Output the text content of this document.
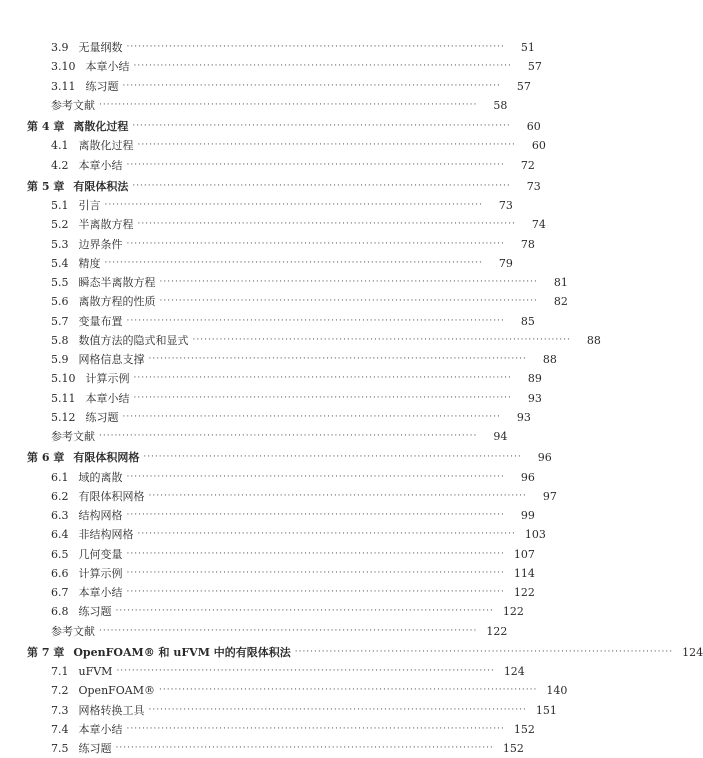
3.9 无量纲数 ··································································································	51
3.10 本章小结 ··································································································	57
3.11 练习题 ··································································································	57
参考文献 ··································································································	58
第 4 章 离散化过程 ··································································································	60
4.1 离散化过程 ··································································································	60
4.2 本章小结 ··································································································	72
第 5 章 有限体积法 ··································································································	73
5.1 引言 ··································································································	73
5.2 半离散方程 ··································································································	74
5.3 边界条件 ··································································································	78
5.4 精度 ··································································································	79
5.5 瞬态半离散方程 ··································································································	81
5.6 离散方程的性质 ··································································································	82
5.7 变量布置 ··································································································	85
5.8 数值方法的隐式和显式 ··································································································	88
5.9 网格信息支撑 ··································································································	88
5.10 计算示例 ··································································································	89
5.11 本章小结 ··································································································	93
5.12 练习题 ··································································································	93
参考文献 ··································································································	94
第 6 章 有限体积网格 ··································································································	96
6.1 域的离散 ··································································································	96
6.2 有限体积网格 ··································································································	97
6.3 结构网格 ··································································································	99
6.4 非结构网格 ·································································································· 103
6.5 几何变量 ·································································································· 107
6.6 计算示例 ·································································································· 114
6.7 本章小结 ·································································································· 122
6.8 练习题 ·································································································· 122
参考文献 ·································································································· 122
第 7 章 OpenFOAM® 和 uFVM 中的有限体积法 ·································································································· 124
7.1 uFVM ·································································································· 124
7.2 OpenFOAM® ·································································································· 140
7.3 网格转换工具 ·································································································· 151
7.4 本章小结 ·································································································· 152
7.5 练习题 ·································································································· 152
